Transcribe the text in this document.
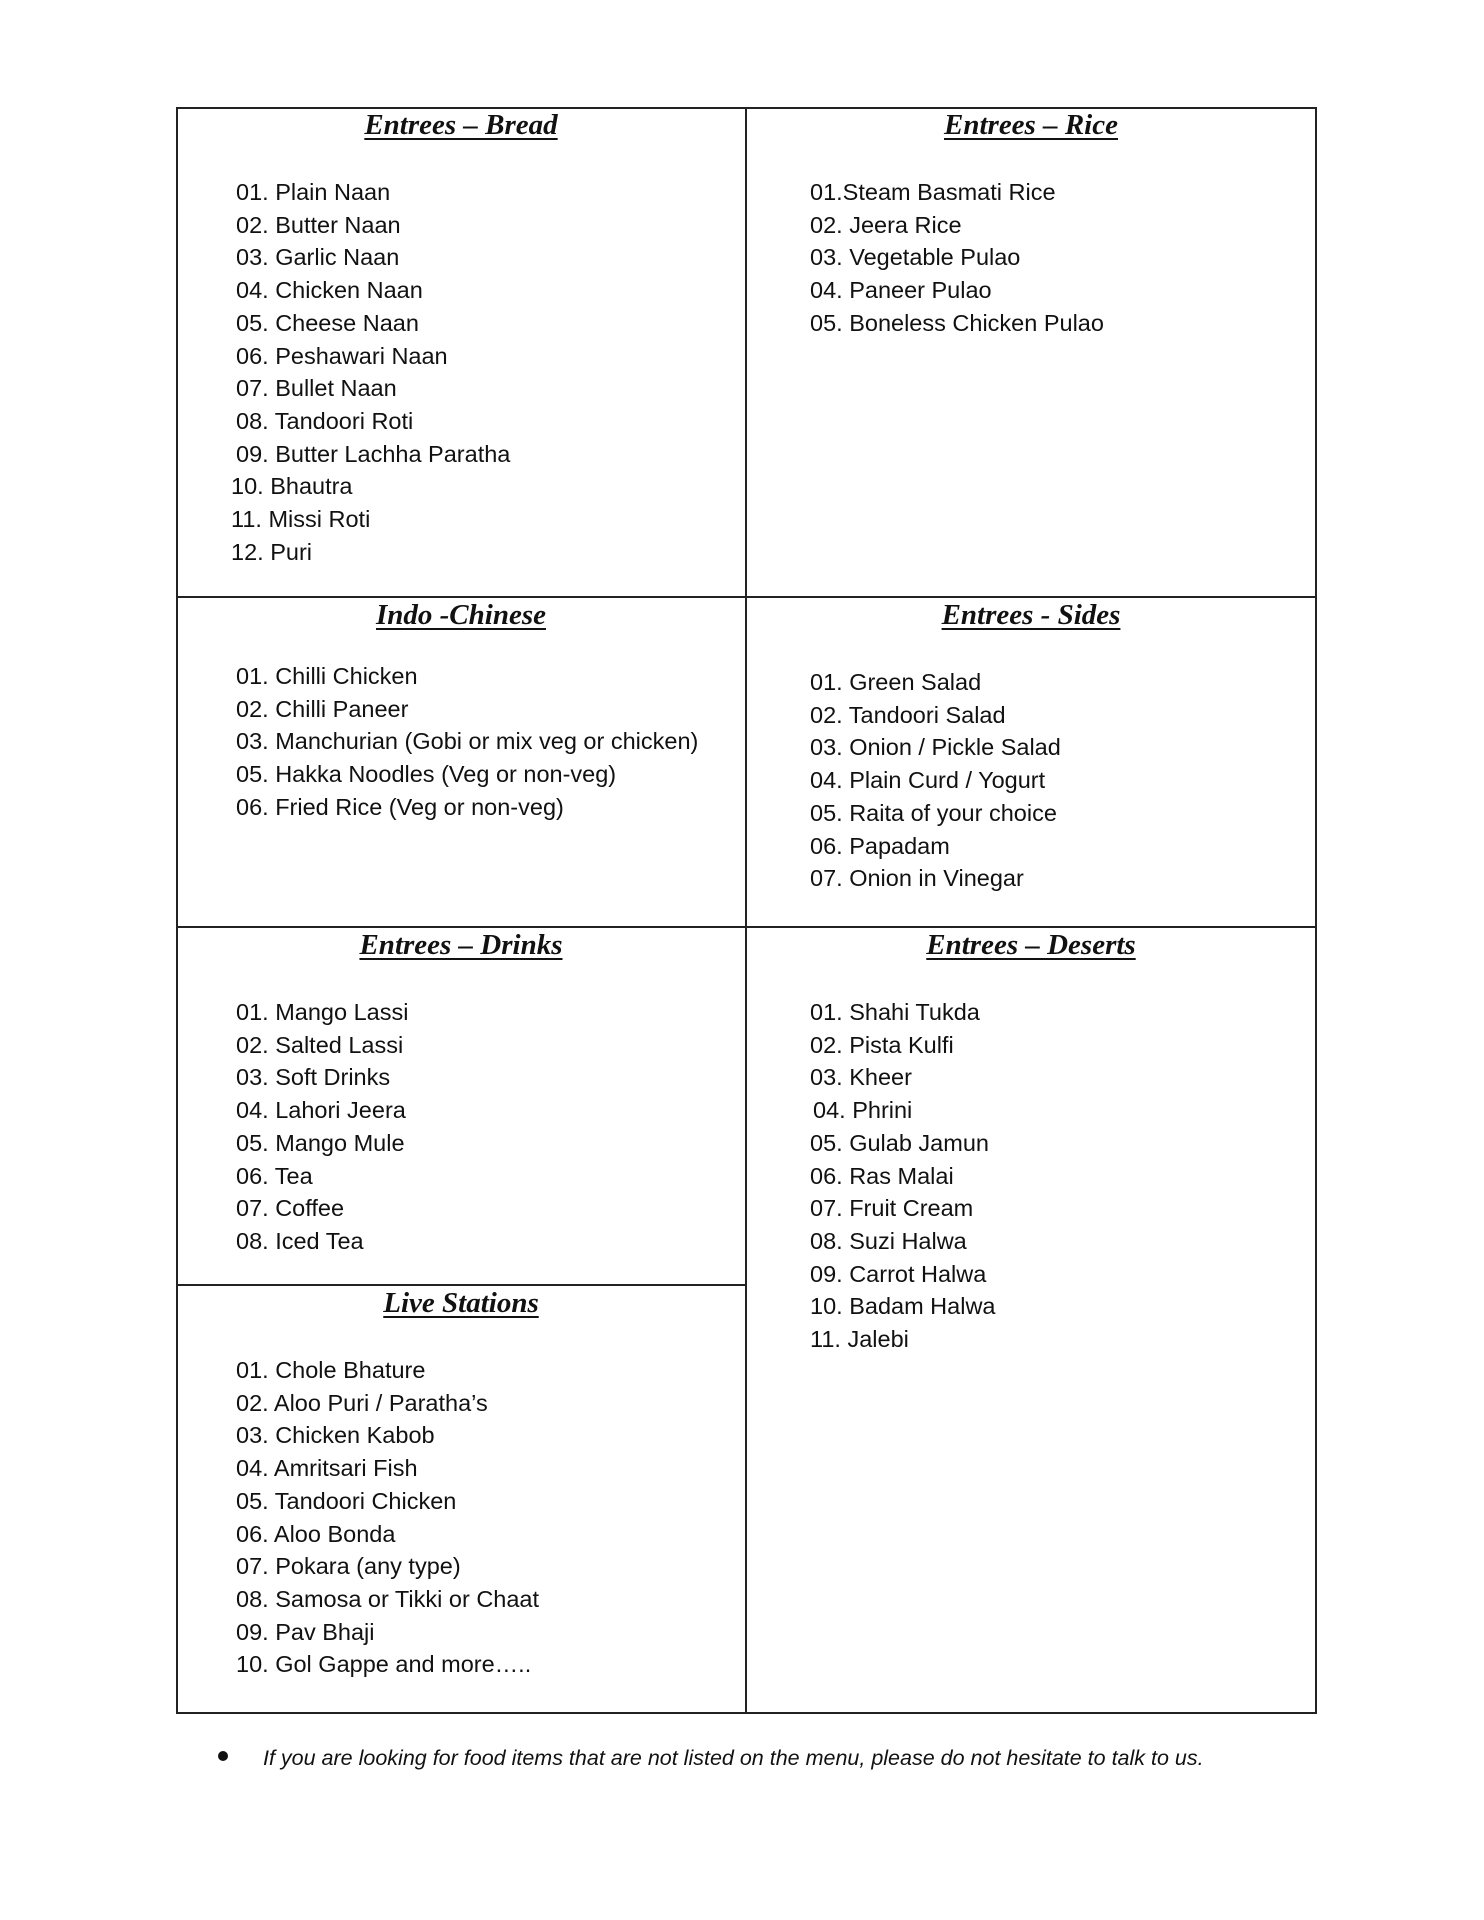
Entrees – Bread
01. Plain Naan
02. Butter Naan
03. Garlic Naan
04. Chicken Naan
05. Cheese Naan
06. Peshawari Naan
07. Bullet Naan
08. Tandoori Roti
09. Butter Lachha Paratha
10. Bhautra
11. Missi Roti
12. Puri
Entrees – Rice
01.Steam Basmati Rice
02. Jeera Rice
03. Vegetable Pulao
04. Paneer Pulao
05. Boneless Chicken Pulao
Indo -Chinese
01. Chilli Chicken
02. Chilli Paneer
03. Manchurian (Gobi or mix veg or chicken)
05. Hakka Noodles (Veg or non-veg)
06. Fried Rice (Veg or non-veg)
Entrees - Sides
01. Green Salad
02. Tandoori Salad
03. Onion / Pickle Salad
04. Plain Curd / Yogurt
05. Raita of your choice
06. Papadam
07. Onion in Vinegar
Entrees – Drinks
01. Mango Lassi
02. Salted Lassi
03. Soft Drinks
04. Lahori Jeera
05. Mango Mule
06. Tea
07. Coffee
08. Iced Tea
Entrees – Deserts
01. Shahi Tukda
02. Pista Kulfi
03. Kheer
04. Phrini
05. Gulab Jamun
06. Ras Malai
07. Fruit Cream
08. Suzi Halwa
09. Carrot Halwa
10. Badam Halwa
11. Jalebi
Live Stations
01. Chole Bhature
02. Aloo Puri / Paratha’s
03. Chicken Kabob
04. Amritsari Fish
05. Tandoori Chicken
06. Aloo Bonda
07. Pokara (any type)
08. Samosa or Tikki or Chaat
09. Pav Bhaji
10. Gol Gappe and more…..
If you are looking for food items that are not listed on the menu, please do not hesitate to talk to us.
